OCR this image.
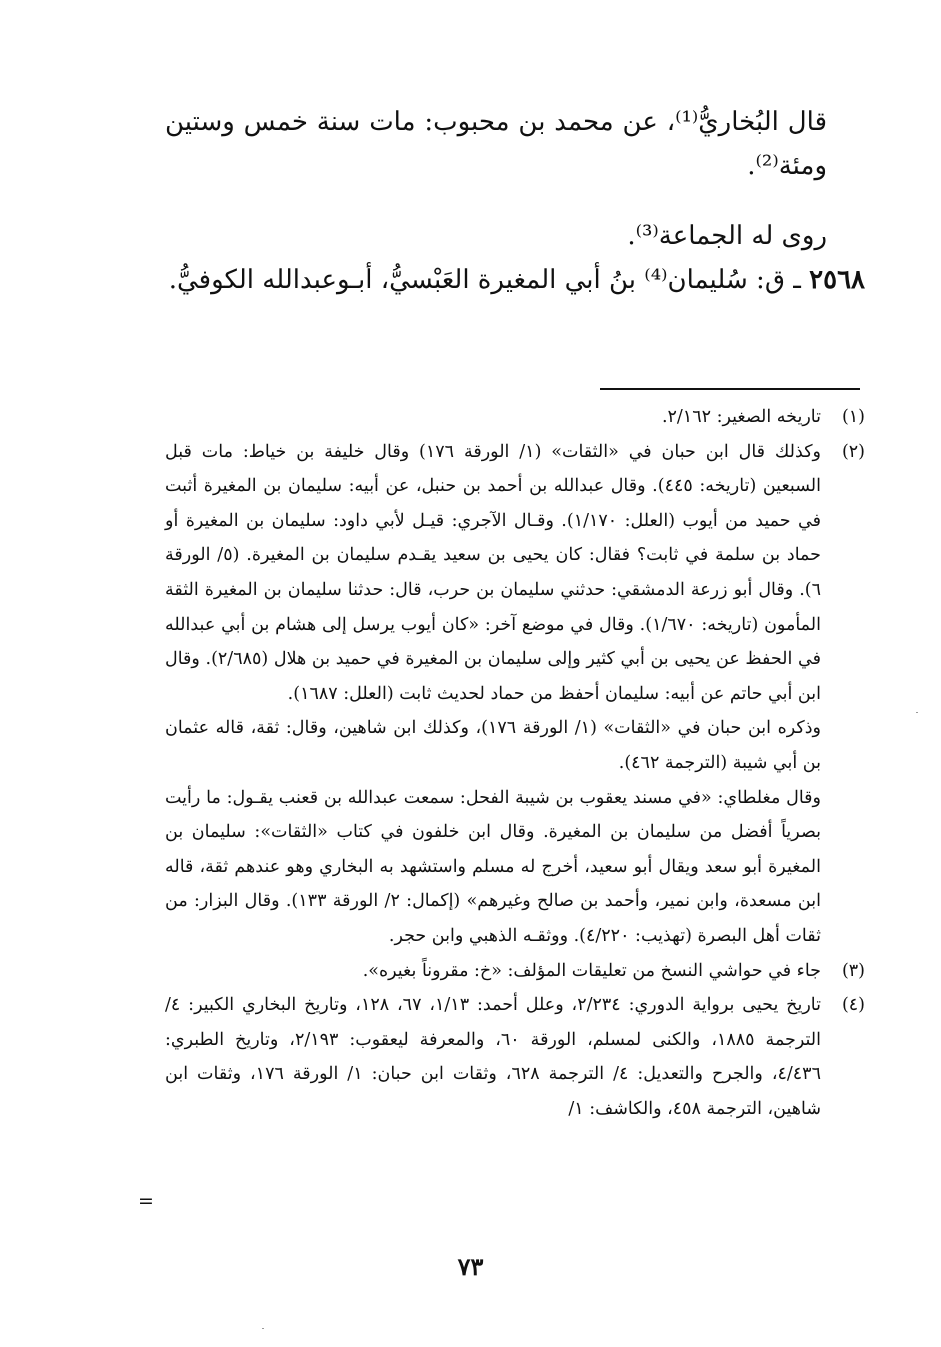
قال البُخاريُّ⁽¹⁾، عن محمد بن محبوب: مات سنة خمس وستين ومئة⁽²⁾.

روى له الجماعة⁽³⁾.

٢٥٦٨ ـ ق: سُليمان⁽⁴⁾ بنُ أبي المغيرة العَبْسيُّ، أبـوعبدالله الكوفيُّ.

(١)

تاريخه الصغير: ٢/١٦٢.

(٢)

وكذلك قال ابن حبان في «الثقات» (١/ الورقة ١٧٦) وقال خليفة بن خياط: مات قبل السبعين (تاريخه: ٤٤٥). وقال عبدالله بن أحمد بن حنبل، عن أبيه: سليمان بن المغيرة أثبت في حميد من أيوب (العلل: ١/١٧٠). وقـال الآجري: قيـل لأبي داود: سليمان بن المغيرة أو حماد بن سلمة في ثابت؟ فقال: كان يحيى بن سعيد يقـدم سليمان بن المغيرة. (٥/ الورقة ٦). وقال أبو زرعة الدمشقي: حدثني سليمان بن حرب، قال: حدثنا سليمان بن المغيرة الثقة المأمون (تاريخه: ١/٦٧٠). وقال في موضع آخر: «كان أيوب يرسل إلى هشام بن أبي عبدالله في الحفظ عن يحيى بن أبي كثير وإلى سليمان بن المغيرة في حميد بن هلال (٢/٦٨٥). وقال ابن أبي حاتم عن أبيه: سليمان أحفظ من حماد لحديث ثابت (العلل: ١٦٨٧).

وذكره ابن حبان في «الثقات» (١/ الورقة ١٧٦)، وكذلك ابن شاهين، وقال: ثقة، قاله عثمان بن أبي شيبة (الترجمة ٤٦٢).

وقال مغلطاي: «في مسند يعقوب بن شيبة الفحل: سمعت عبدالله بن قعنب يقـول: ما رأيت بصرياً أفضل من سليمان بن المغيرة. وقال ابن خلفون في كتاب «الثقات»: سليمان بن المغيرة أبو سعد ويقال أبو سعيد، أخرج له مسلم واستشهد به البخاري وهو عندهم ثقة، قاله ابن مسعدة، وابن نمير، وأحمد بن صالح وغيرهم» (إكمال: ٢/ الورقة ١٣٣). وقال البزار: من ثقات أهل البصرة (تهذيب: ٤/٢٢٠). ووثقـه الذهبي وابن حجر.

(٣)

جاء في حواشي النسخ من تعليقات المؤلف: «خ: مقروناً بغيره».

(٤)

تاريخ يحيى برواية الدوري: ٢/٢٣٤، وعلل أحمد: ١/١٣، ٦٧، ١٢٨، وتاريخ البخاري الكبير: ٤/ الترجمة ١٨٨٥، والكنى لمسلم، الورقة ٦٠، والمعرفة ليعقوب: ٢/١٩٣، وتاريخ الطبري: ٤/٤٣٦، والجرح والتعديل: ٤/ الترجمة ٦٢٨، وثقات ابن حبان: ١/ الورقة ١٧٦، وثقات ابن شاهين، الترجمة ٤٥٨، والكاشف: ١/

=
٧٣
